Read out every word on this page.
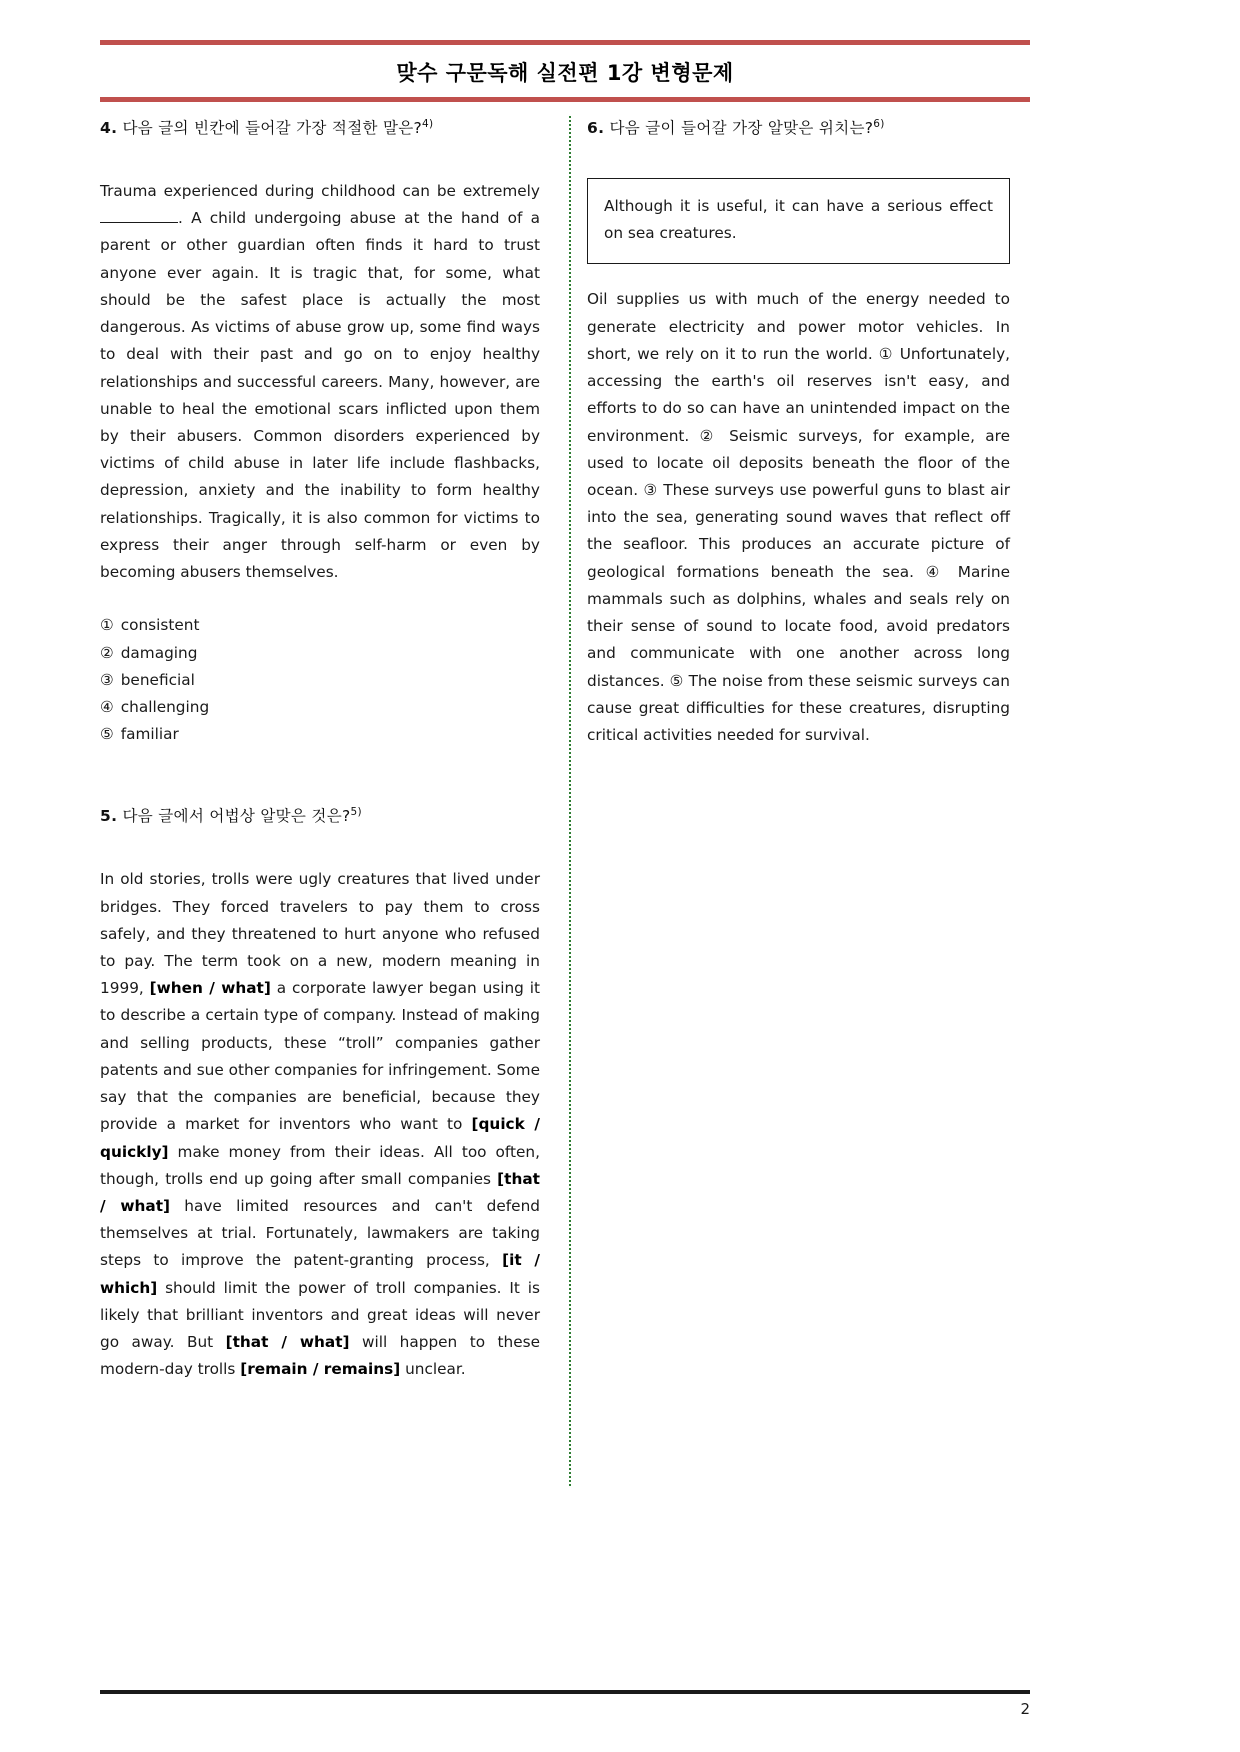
맞수 구문독해 실전편 1강 변형문제
4. 다음 글의 빈칸에 들어갈 가장 적절한 말은?$^{4)}$

Trauma experienced during childhood can be extremely . A child undergoing abuse at the hand of a parent or other guardian often finds it hard to trust anyone ever again. It is tragic that, for some, what should be the safest place is actually the most dangerous. As victims of abuse grow up, some find ways to deal with their past and go on to enjoy healthy relationships and successful careers. Many, however, are unable to heal the emotional scars inflicted upon them by their abusers. Common disorders experienced by victims of child abuse in later life include flashbacks, depression, anxiety and the inability to form healthy relationships. Tragically, it is also common for victims to express their anger through self-harm or even by becoming abusers themselves.

① consistent
② damaging
③ beneficial
④ challenging
⑤ familiar
5. 다음 글에서 어법상 알맞은 것은?$^{5)}$

In old stories, trolls were ugly creatures that lived under bridges. They forced travelers to pay them to cross safely, and they threatened to hurt anyone who refused to pay. The term took on a new, modern meaning in 1999, [when / what] a corporate lawyer began using it to describe a certain type of company. Instead of making and selling products, these “troll” companies gather patents and sue other companies for infringement. Some say that the companies are beneficial, because they provide a market for inventors who want to [quick / quickly] make money from their ideas. All too often, though, trolls end up going after small companies [that / what] have limited resources and can't defend themselves at trial. Fortunately, lawmakers are taking steps to improve the patent-granting process, [it / which] should limit the power of troll companies. It is likely that brilliant inventors and great ideas will never go away. But [that / what] will happen to these modern-day trolls [remain / remains] unclear.

6. 다음 글이 들어갈 가장 알맞은 위치는?$^{6)}$
Although it is useful, it can have a serious effect on sea creatures.

Oil supplies us with much of the energy needed to generate electricity and power motor vehicles. In short, we rely on it to run the world. ① Unfortunately, accessing the earth's oil reserves isn't easy, and efforts to do so can have an unintended impact on the environment. ② Seismic surveys, for example, are used to locate oil deposits beneath the floor of the ocean. ③ These surveys use powerful guns to blast air into the sea, generating sound waves that reflect off the seafloor. This produces an accurate picture of geological formations beneath the sea. ④ Marine mammals such as dolphins, whales and seals rely on their sense of sound to locate food, avoid predators and communicate with one another across long distances. ⑤ The noise from these seismic surveys can cause great difficulties for these creatures, disrupting critical activities needed for survival.

2
